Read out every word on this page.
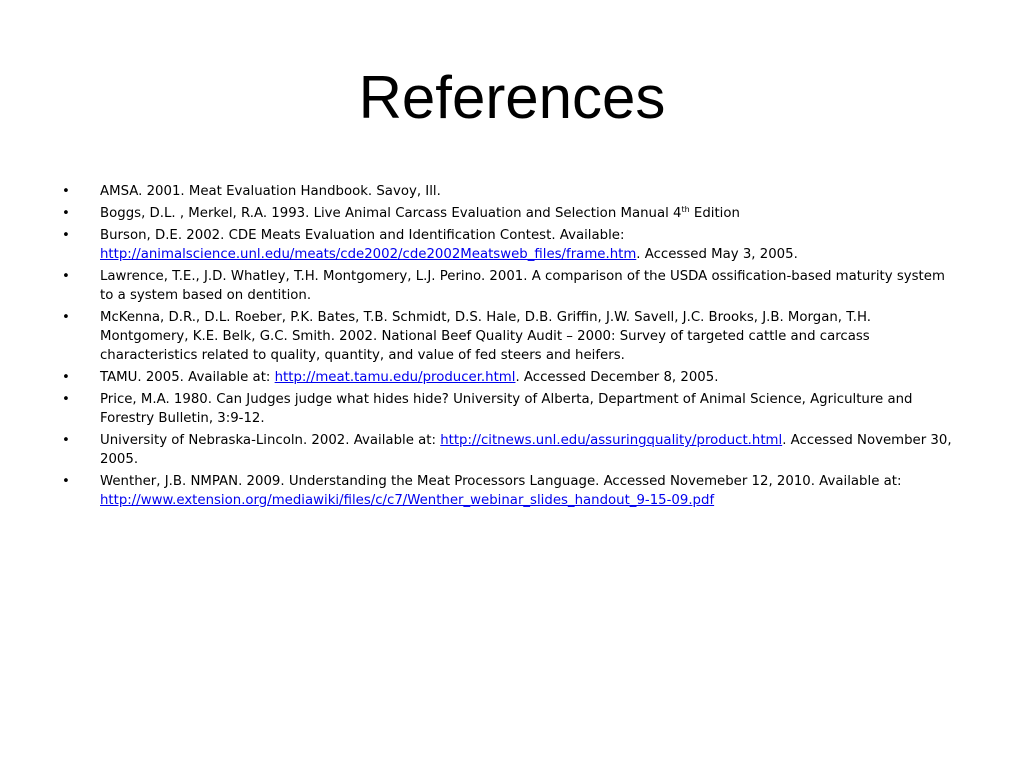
References
• AMSA. 2001. Meat Evaluation Handbook. Savoy, Ill.
• Boggs, D.L. , Merkel, R.A. 1993. Live Animal Carcass Evaluation and Selection Manual 4th Edition
• Burson, D.E. 2002. CDE Meats Evaluation and Identification Contest. Available: http://animalscience.unl.edu/meats/cde2002/cde2002Meatsweb_files/frame.htm. Accessed May 3, 2005.
• Lawrence, T.E., J.D. Whatley, T.H. Montgomery, L.J. Perino. 2001. A comparison of the USDA ossification-based maturity system to a system based on dentition.
• McKenna, D.R., D.L. Roeber, P.K. Bates, T.B. Schmidt, D.S. Hale, D.B. Griffin, J.W. Savell, J.C. Brooks, J.B. Morgan, T.H. Montgomery, K.E. Belk, G.C. Smith. 2002. National Beef Quality Audit – 2000: Survey of targeted cattle and carcass characteristics related to quality, quantity, and value of fed steers and heifers.
• TAMU. 2005. Available at: http://meat.tamu.edu/producer.html. Accessed December 8, 2005.
• Price, M.A. 1980. Can Judges judge what hides hide? University of Alberta, Department of Animal Science, Agriculture and Forestry Bulletin, 3:9-12.
• University of Nebraska-Lincoln. 2002. Available at: http://citnews.unl.edu/assuringquality/product.html. Accessed November 30, 2005.
• Wenther, J.B. NMPAN. 2009. Understanding the Meat Processors Language. Accessed Novemeber 12, 2010. Available at: http://www.extension.org/mediawiki/files/c/c7/Wenther_webinar_slides_handout_9-15-09.pdf
